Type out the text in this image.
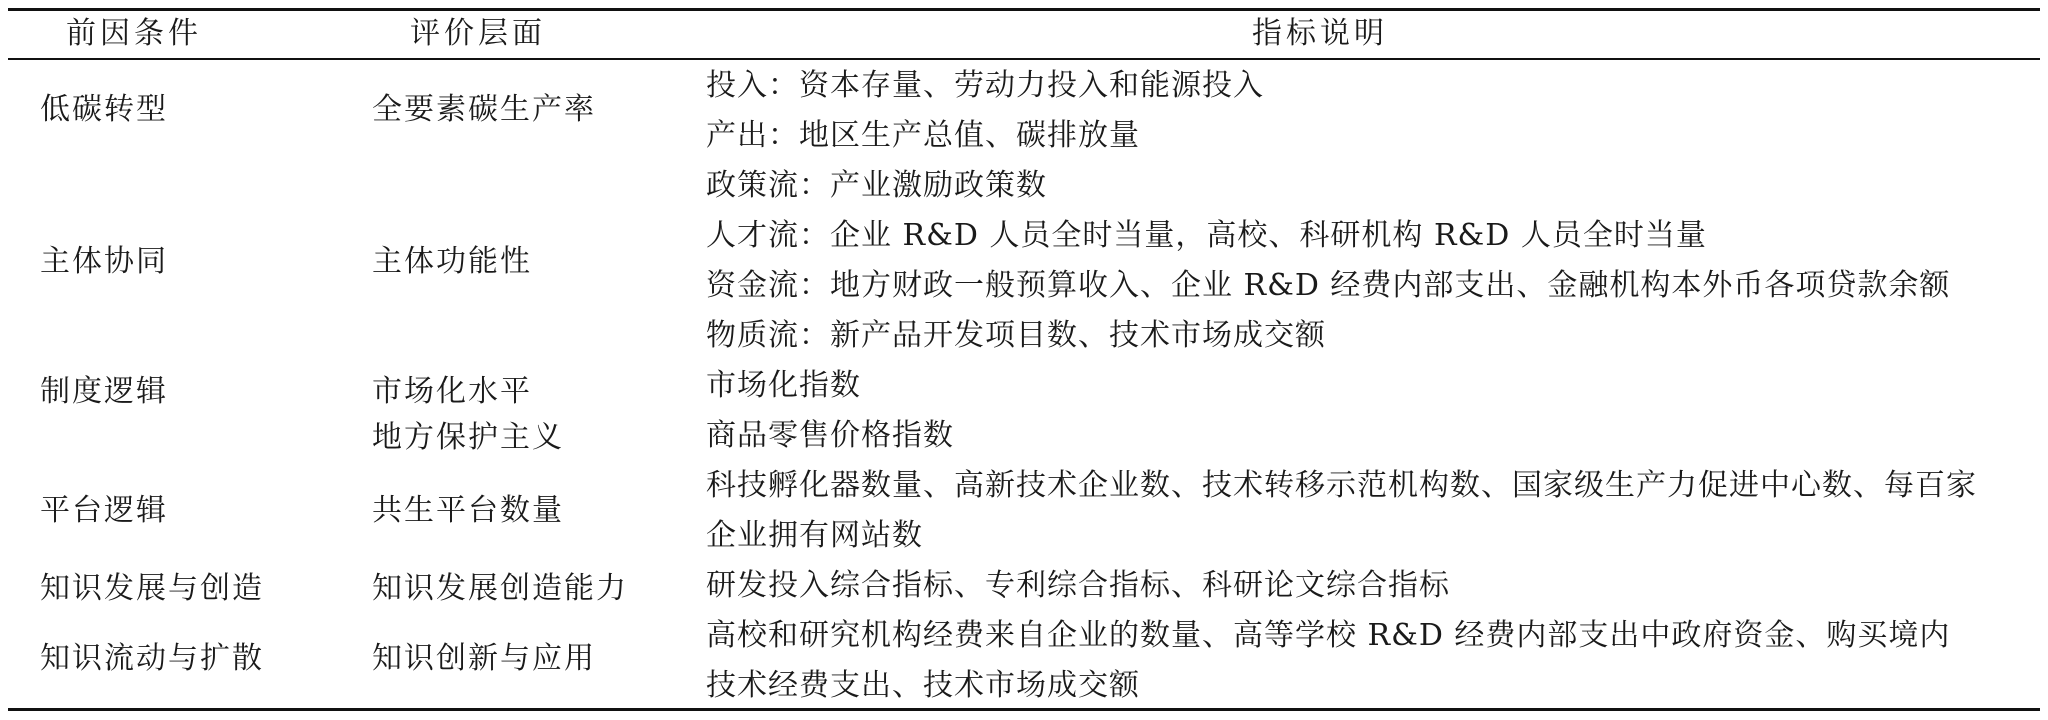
前因条件	评价层面	指标说明
低碳转型
主体协同
制度逻辑
平台逻辑
知识发展与创造
知识流动与扩散
全要素碳生产率
主体功能性
市场化水平
地方保护主义
共生平台数量
知识发展创造能力
知识创新与应用
投入：资本存量、劳动力投入和能源投入
产出：地区生产总值、碳排放量
政策流：产业激励政策数
人才流：企业 R&D 人员全时当量，高校、科研机构 R&D 人员全时当量
资金流：地方财政一般预算收入、企业 R&D 经费内部支出、金融机构本外币各项贷款余额
物质流：新产品开发项目数、技术市场成交额
市场化指数
商品零售价格指数
科技孵化器数量、高新技术企业数、技术转移示范机构数、国家级生产力促进中心数、每百家
企业拥有网站数
研发投入综合指标、专利综合指标、科研论文综合指标
高校和研究机构经费来自企业的数量、高等学校 R&D 经费内部支出中政府资金、购买境内
技术经费支出、技术市场成交额
